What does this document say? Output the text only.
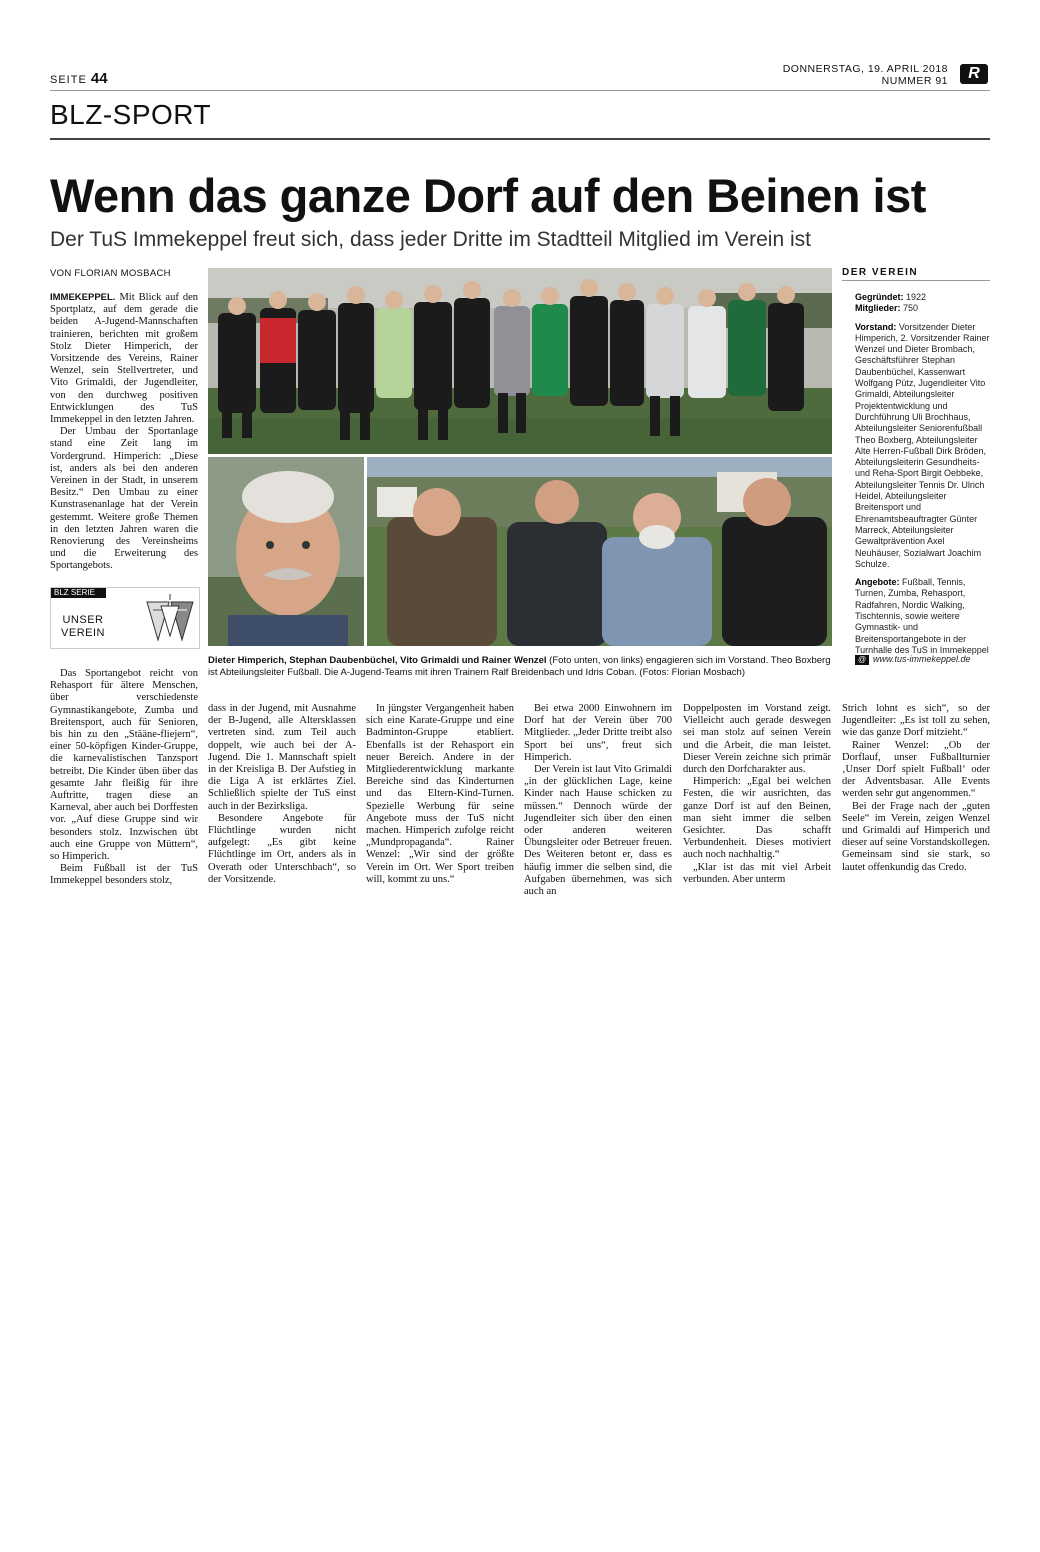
SEITE 44
DONNERSTAG, 19. APRIL 2018
NUMMER 91	R
BLZ-SPORT
Wenn das ganze Dorf auf den Beinen ist
Der TuS Immekeppel freut sich, dass jeder Dritte im Stadtteil Mitglied im Verein ist
VON FLORIAN MOSBACH

IMMEKEPPEL. Mit Blick auf den Sportplatz, auf dem gerade die beiden A-Jugend-Mannschaften trainieren, berichten mit großem Stolz Dieter Himperich, der Vorsitzende des Vereins, Rainer Wenzel, sein Stellvertreter, und Vito Grimaldi, der Jugendleiter, von den durchweg positiven Entwicklungen des TuS Immekeppel in den letzten Jahren.

Der Umbau der Sportanlage stand eine Zeit lang im Vordergrund. Himperich: „Diese ist, anders als bei den anderen Vereinen in der Stadt, in unserem Besitz.“ Den Umbau zu einer Kunstrasenanlage hat der Verein gestemmt. Weitere große Themen in den letzten Jahren waren die Renovierung des Vereinsheims und die Erweiterung des Sportangebots.

BLZ SERIE
UNSER
VEREIN

Das Sportangebot reicht von Rehasport für ältere Menschen, über verschiedenste Gymnastikangebote, Zumba und Breitensport, auch für Senioren, bis hin zu den „Stääne-fliejern“, einer 50-köpfigen Kinder-Gruppe, die karnevalistischen Tanzsport betreibt. Die Kinder üben über das gesamte Jahr fleißig für ihre Auftritte, tragen diese an Karneval, aber auch bei Dorffesten vor. „Auf diese Gruppe sind wir besonders stolz. Inzwischen übt auch eine Gruppe von Müttern“, so Himperich.

Beim Fußball ist der TuS Immekeppel besonders stolz,

Dieter Himperich, Stephan Daubenbüchel, Vito Grimaldi und Rainer Wenzel (Foto unten, von links) engagieren sich im Vorstand. Theo Boxberg ist Abteilungsleiter Fußball. Die A-Jugend-Teams mit ihren Trainern Ralf Breidenbach und Idris Coban. (Fotos: Florian Mosbach)

dass in der Jugend, mit Ausnahme der B-Jugend, alle Altersklassen vertreten sind. zum Teil auch doppelt, wie auch bei der A-Jugend. Die 1. Mannschaft spielt in der Kreisliga B. Der Aufstieg in die Liga A ist erklärtes Ziel. Schließlich spielte der TuS einst auch in der Bezirksliga.

Besondere Angebote für Flüchtlinge wurden nicht aufgelegt: „Es gibt keine Flüchtlinge im Ort, anders als in Overath oder Unterschbach“, so der Vorsitzende.

In jüngster Vergangenheit haben sich eine Karate-Gruppe und eine Badminton-Gruppe etabliert. Ebenfalls ist der Rehasport ein neuer Bereich. Andere in der Mitgliederentwicklung markante Bereiche sind das Kinderturnen und das Eltern-Kind-Turnen. Spezielle Werbung für seine Angebote muss der TuS nicht machen. Himperich zufolge reicht „Mundpropaganda“. Rainer Wenzel: „Wir sind der größte Verein im Ort. Wer Sport treiben will, kommt zu uns.“

Bei etwa 2000 Einwohnern im Dorf hat der Verein über 700 Mitglieder. „Jeder Dritte treibt also Sport bei uns“, freut sich Himperich.

Der Verein ist laut Vito Grimaldi „in der glücklichen Lage, keine Kinder nach Hause schicken zu müssen.“ Dennoch würde der Jugendleiter sich über den einen oder anderen weiteren Übungsleiter oder Betreuer freuen. Des Weiteren betont er, dass es häufig immer die selben sind, die Aufgaben übernehmen, was sich auch an

Doppelposten im Vorstand zeigt. Vielleicht auch gerade deswegen sei man stolz auf seinen Verein und die Arbeit, die man leistet. Dieser Verein zeichne sich primär durch den Dorfcharakter aus.

Himperich: „Egal bei welchen Festen, die wir ausrichten, das ganze Dorf ist auf den Beinen, man sieht immer die selben Gesichter. Das schafft Verbundenheit. Dieses motiviert auch noch nachhaltig.“

„Klar ist das mit viel Arbeit verbunden. Aber unterm

Strich lohnt es sich“, so der Jugendleiter: „Es ist toll zu sehen, wie das ganze Dorf mitzieht.“

Rainer Wenzel: „Ob der Dorflauf, unser Fußballturnier ‚Unser Dorf spielt Fußball‘ oder der Adventsbasar. Alle Events werden sehr gut angenommen.“

Bei der Frage nach der „guten Seele“ im Verein, zeigen Wenzel und Grimaldi auf Himperich und dieser auf seine Vorstandskollegen. Gemeinsam sind sie stark, so lautet offenkundig das Credo.

DER VEREIN

Gegründet: 1922
Mitglieder: 750

Vorstand: Vorsitzender Dieter Himperich, 2. Vorsitzender Rainer Wenzel und Dieter Brombach, Geschäftsführer Stephan Daubenbüchel, Kassenwart Wolfgang Pütz, Jugendleiter Vito Grimaldi, Abteilungsleiter Projektentwicklung und Durchführung Uli Brochhaus, Abteilungsleiter Seniorenfußball Theo Boxberg, Abteilungsleiter Alte Herren-Fußball Dirk Bröden, Abteilungsleiterin Gesundheits- und Reha-Sport Birgit Oebbeke, Abteilungsleiter Tennis Dr. Ulrich Heidel, Abteilungsleiter Breitensport und Ehrenamtsbeauftragter Günter Marreck, Abteilungsleiter Gewaltprävention Axel Neuhäuser, Sozialwart Joachim Schulze.

Angebote: Fußball, Tennis, Turnen, Zumba, Rehasport, Radfahren, Nordic Walking, Tischtennis, sowie weitere Gymnastik- und Breitensportangebote in der Turnhalle des TuS in Immekeppel

@ www.tus-immekeppel.de
